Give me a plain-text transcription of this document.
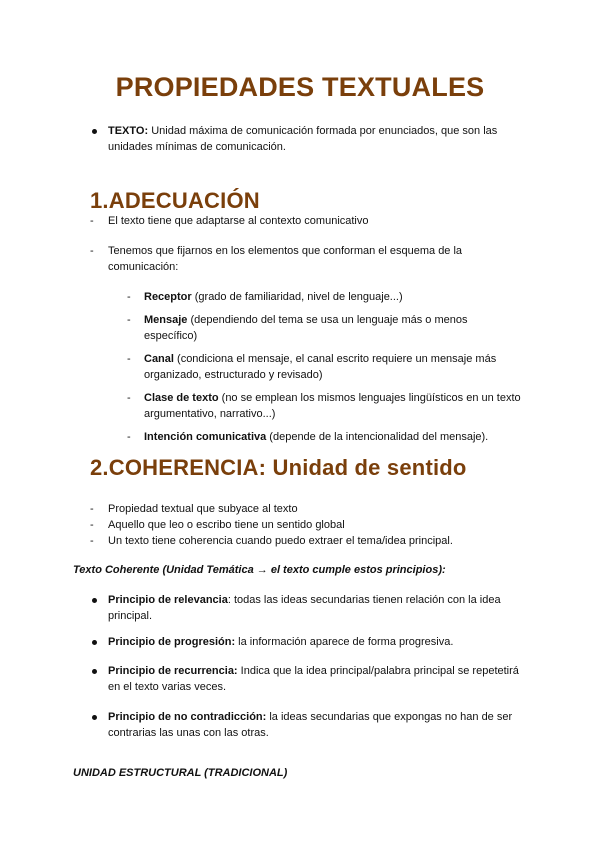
PROPIEDADES TEXTUALES
TEXTO: Unidad máxima de comunicación formada por enunciados, que son las unidades mínimas de comunicación.
1.ADECUACIÓN
- El texto tiene que adaptarse al contexto comunicativo
- Tenemos que fijarnos en los elementos que conforman el esquema de la comunicación:
- Receptor (grado de familiaridad, nivel de lenguaje...)
- Mensaje (dependiendo del tema se usa un lenguaje más o menos específico)
- Canal (condiciona el mensaje, el canal escrito requiere un mensaje más organizado, estructurado y revisado)
- Clase de texto (no se emplean los mismos lenguajes lingüísticos en un texto argumentativo, narrativo...)
- Intención comunicativa (depende de la intencionalidad del mensaje).
2.COHERENCIA: Unidad de sentido
- Propiedad textual que subyace al texto
- Aquello que leo o escribo tiene un sentido global
- Un texto tiene coherencia cuando puedo extraer el tema/idea principal.
Texto Coherente (Unidad Temática → el texto cumple estos principios):
Principio de relevancia: todas las ideas secundarias tienen relación con la idea principal.
Principio de progresión: la información aparece de forma progresiva.
Principio de recurrencia: Indica que la idea principal/palabra principal se repetetirá en el texto varias veces.
Principio de no contradicción: la ideas secundarias que expongas no han de ser contrarias las unas con las otras.
UNIDAD ESTRUCTURAL (TRADICIONAL)
